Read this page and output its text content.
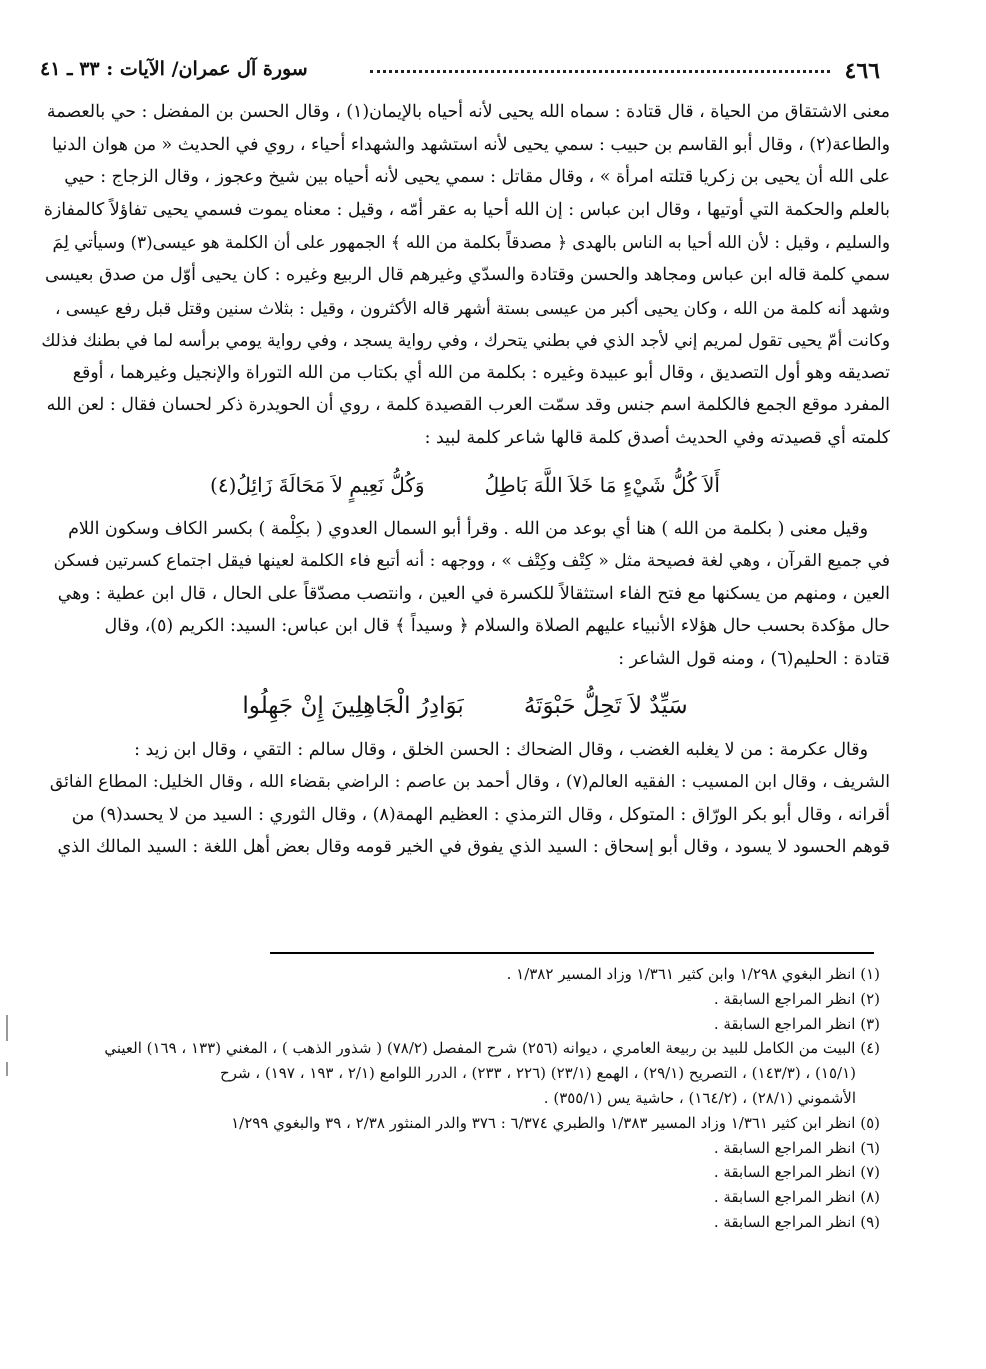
٤٦٦
سورة آل عمران/ الآيات : ٣٣ ـ ٤١
معنى الاشتقاق من الحياة ، قال قتادة : سماه الله يحيى لأنه أحياه بالإيمان(١) ، وقال الحسن بن المفضل : حي بالعصمة
والطاعة(٢) ، وقال أبو القاسم بن حبيب : سمي يحيى لأنه استشهد والشهداء أحياء ، روي في الحديث « من هوان الدنيا
على الله أن يحيى بن زكريا قتلته امرأة » ، وقال مقاتل : سمي يحيى لأنه أحياه بين شيخ وعجوز ، وقال الزجاج : حيي
بالعلم والحكمة التي أوتيها ، وقال ابن عباس : إن الله أحيا به عقر أمّه ، وقيل : معناه يموت فسمي يحيى تفاؤلاً كالمفازة
والسليم ، وقيل : لأن الله أحيا به الناس بالهدى ﴿ مصدقاً بكلمة من الله ﴾ الجمهور على أن الكلمة هو عيسى(٣) وسيأتي لِمَ
سمي كلمة قاله ابن عباس ومجاهد والحسن وقتادة والسدّي وغيرهم قال الربيع وغيره : كان يحيى أوّل من صدق بعيسى
وشهد أنه كلمة من الله ، وكان يحيى أكبر من عيسى بستة أشهر قاله الأكثرون ، وقيل : بثلاث سنين وقتل قبل رفع عيسى ،
وكانت أمّ يحيى تقول لمريم إني لأجد الذي في بطني يتحرك ، وفي رواية يسجد ، وفي رواية يومي برأسه لما في بطنك فذلك
تصديقه وهو أول التصديق ، وقال أبو عبيدة وغيره : بكلمة من الله أي بكتاب من الله التوراة والإنجيل وغيرهما ، أوقع
المفرد موقع الجمع فالكلمة اسم جنس وقد سمّت العرب القصيدة كلمة ، روي أن الحويدرة ذكر لحسان فقال : لعن الله
كلمته أي قصيدته وفي الحديث أصدق كلمة قالها شاعر كلمة لبيد :
أَلاَ كُلُّ شَيْءٍ مَا خَلاَ اللَّهَ بَاطِلُ
وَكُلُّ نَعِيمٍ لاَ مَحَالَةَ زَائِلُ(٤)
وقيل معنى ( بكلمة من الله ) هنا أي بوعد من الله . وقرأ أبو السمال العدوي ( بكِلْمة ) بكسر الكاف وسكون اللام
في جميع القرآن ، وهي لغة فصيحة مثل « كِتْف وكِتْف » ، ووجهه : أنه أتبع فاء الكلمة لعينها فيقل اجتماع كسرتين فسكن
العين ، ومنهم من يسكنها مع فتح الفاء استثقالاً للكسرة في العين ، وانتصب مصدّقاً على الحال ، قال ابن عطية : وهي
حال مؤكدة بحسب حال هؤلاء الأنبياء عليهم الصلاة والسلام ﴿ وسيداً ﴾ قال ابن عباس: السيد: الكريم (٥)، وقال
قتادة : الحليم(٦) ، ومنه قول الشاعر :
سَيِّدٌ لاَ تَحِلُّ حَبْوَتَهُ
بَوَادِرُ الْجَاهِلِينَ إِنْ جَهِلُوا
وقال عكرمة : من لا يغلبه الغضب ، وقال الضحاك : الحسن الخلق ، وقال سالم : التقي ، وقال ابن زيد :
الشريف ، وقال ابن المسيب : الفقيه العالم(٧) ، وقال أحمد بن عاصم : الراضي بقضاء الله ، وقال الخليل: المطاع الفائق
أقرانه ، وقال أبو بكر الورّاق : المتوكل ، وقال الترمذي : العظيم الهمة(٨) ، وقال الثوري : السيد من لا يحسد(٩) من
قوهم الحسود لا يسود ، وقال أبو إسحاق : السيد الذي يفوق في الخير قومه وقال بعض أهل اللغة : السيد المالك الذي
(١) انظر البغوي ١/٢٩٨ وابن كثير ١/٣٦١ وزاد المسير ١/٣٨٢ .
(٢) انظر المراجع السابقة .
(٣) انظر المراجع السابقة .
(٤) البيت من الكامل للبيد بن ربيعة العامري ، ديوانه (٢٥٦) شرح المفصل (٧٨/٢) ( شذور الذهب ) ، المغني (١٣٣ ، ١٦٩) العيني
(١٥/١) ، (١٤٣/٣) ، التصريح (٢٩/١) ، الهمع (٢٣/١) (٢٢٦ ، ٢٣٣) ، الدرر اللوامع (٢/١ ، ١٩٣ ، ١٩٧) ، شرح
الأشموني (٢٨/١) ، (١٦٤/٢) ، حاشية يس (٣٥٥/١) .
(٥) انظر ابن كثير ١/٣٦١ وزاد المسير ١/٣٨٣ والطبري ٦/٣٧٤ : ٣٧٦ والدر المنثور ٢/٣٨ ، ٣٩ والبغوي ١/٢٩٩
(٦) انظر المراجع السابقة .
(٧) انظر المراجع السابقة .
(٨) انظر المراجع السابقة .
(٩) انظر المراجع السابقة .
